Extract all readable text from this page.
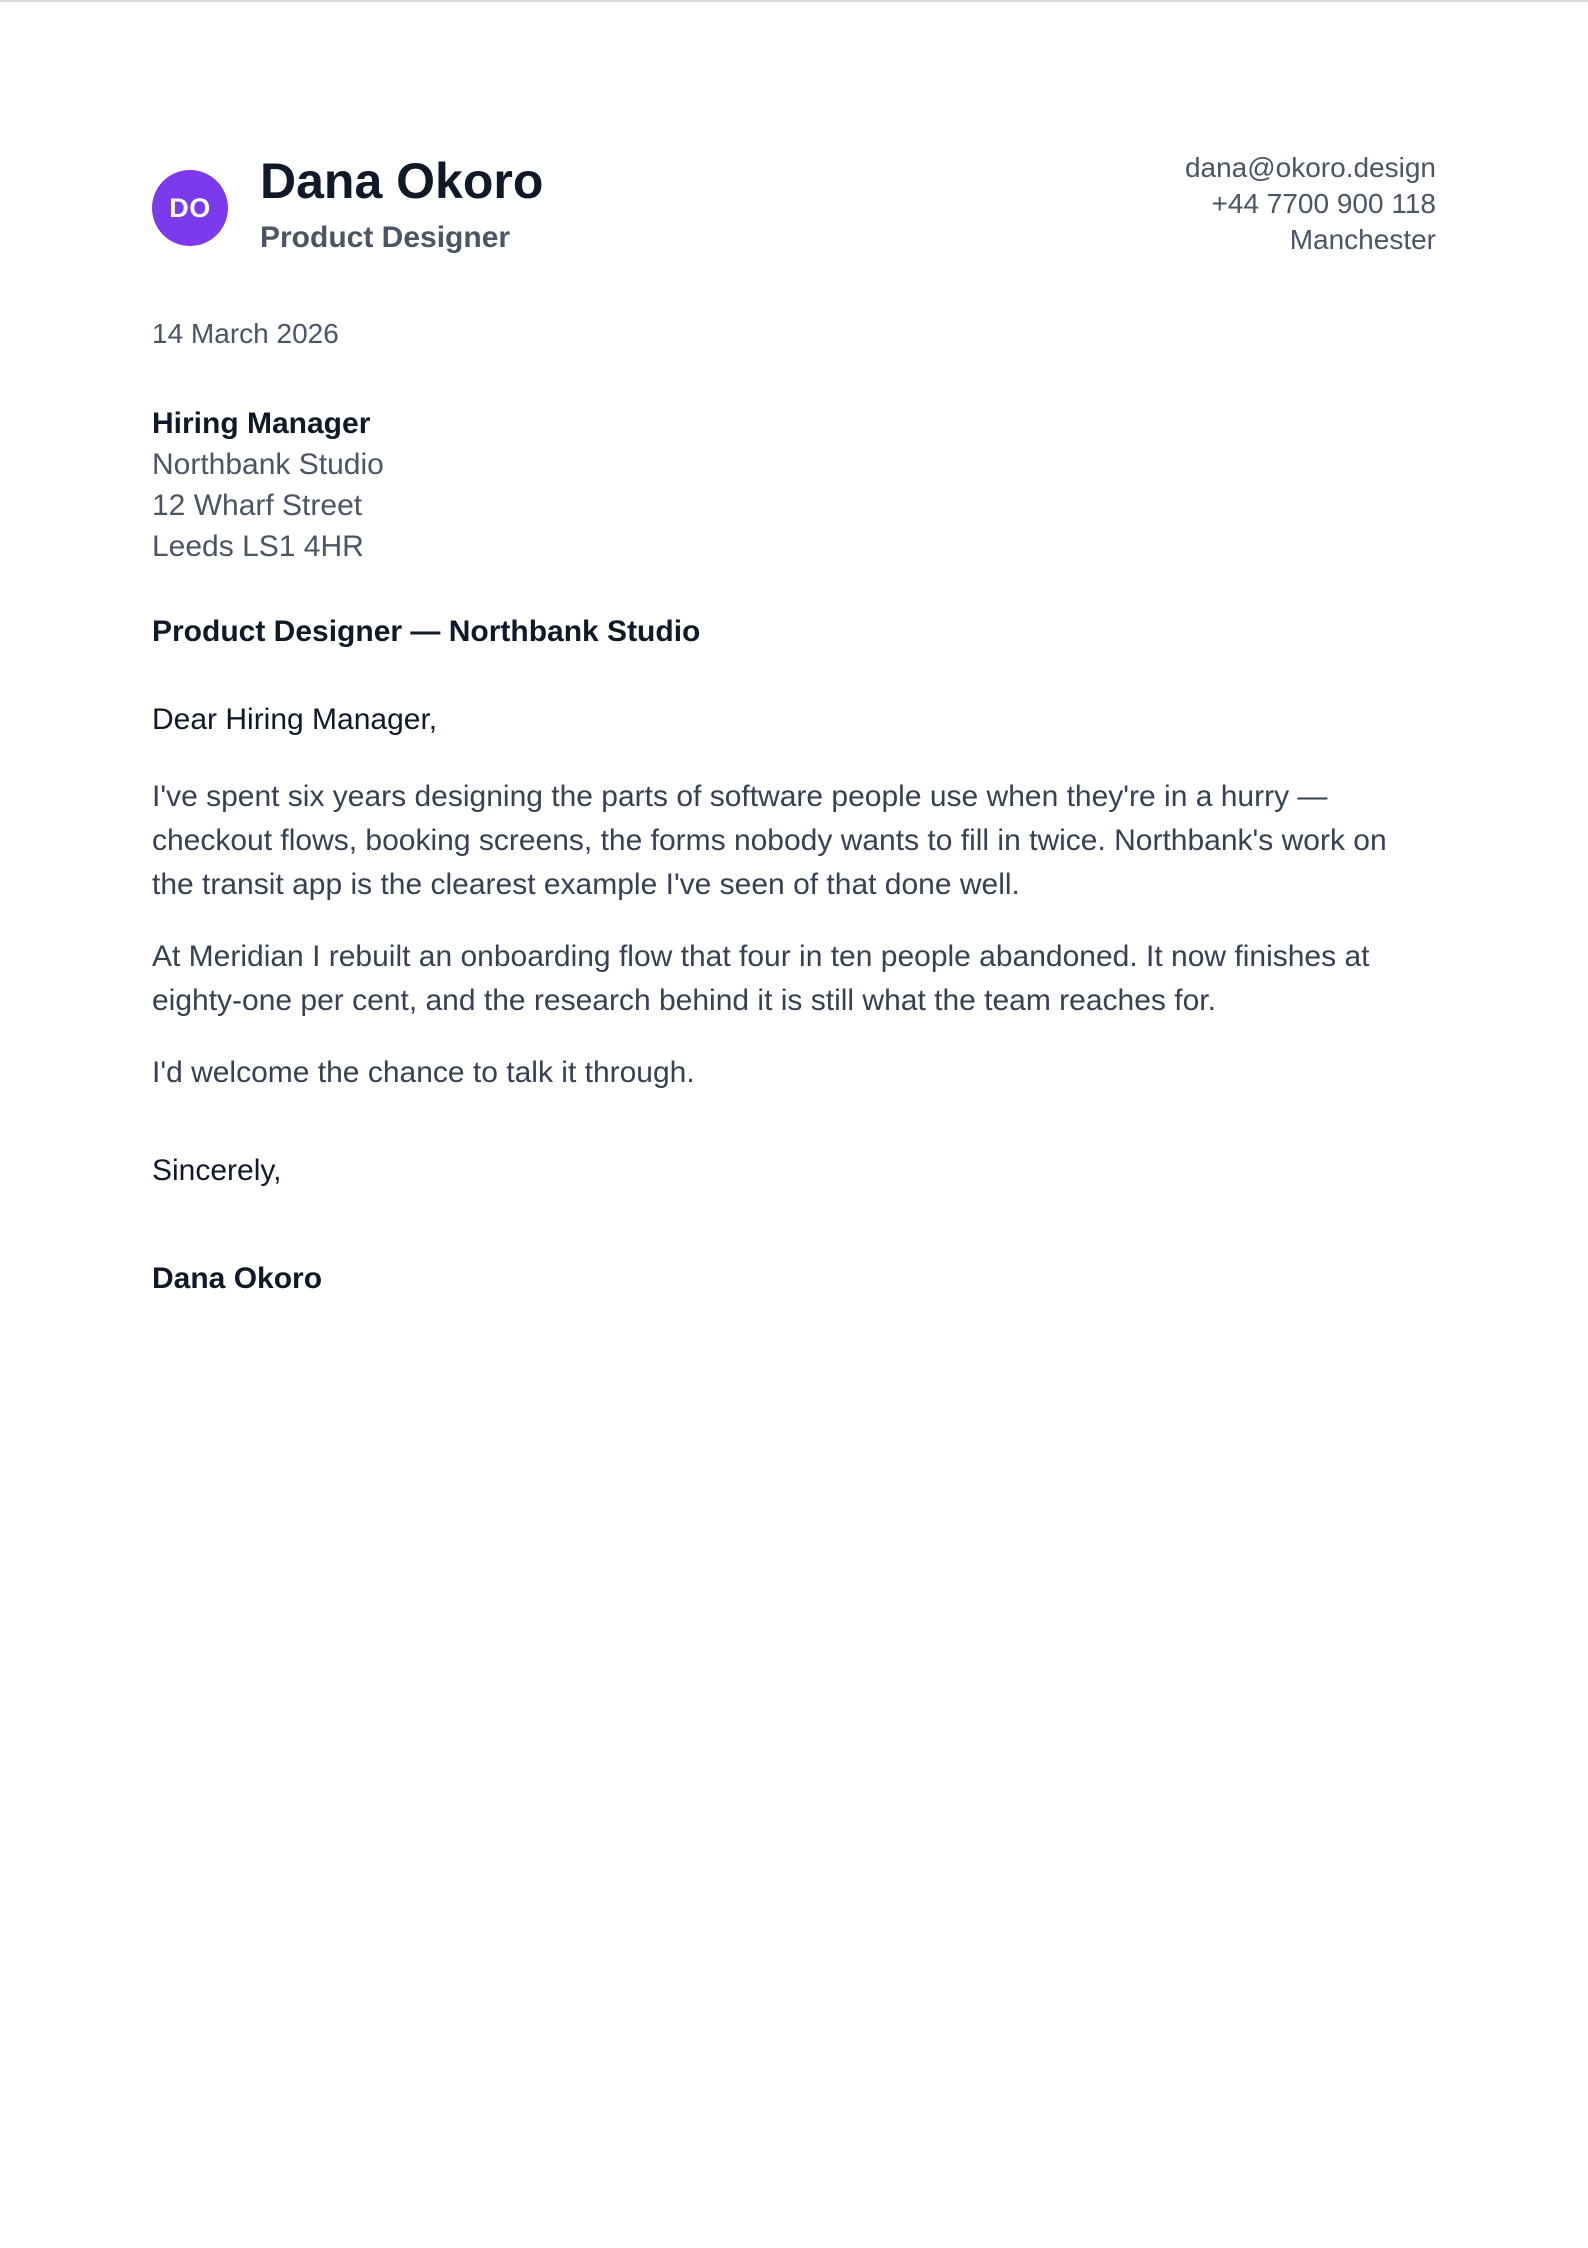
DO Dana Okoro
Product Designer
dana@okoro.design
+44 7700 900 118
Manchester
14 March 2026
Hiring Manager
Northbank Studio
12 Wharf Street
Leeds LS1 4HR
Product Designer — Northbank Studio
Dear Hiring Manager,

I've spent six years designing the parts of software people use when they're in a hurry — checkout flows, booking screens, the forms nobody wants to fill in twice. Northbank's work on the transit app is the clearest example I've seen of that done well.

At Meridian I rebuilt an onboarding flow that four in ten people abandoned. It now finishes at eighty-one per cent, and the research behind it is still what the team reaches for.

I'd welcome the chance to talk it through.

Sincerely,
Dana Okoro
